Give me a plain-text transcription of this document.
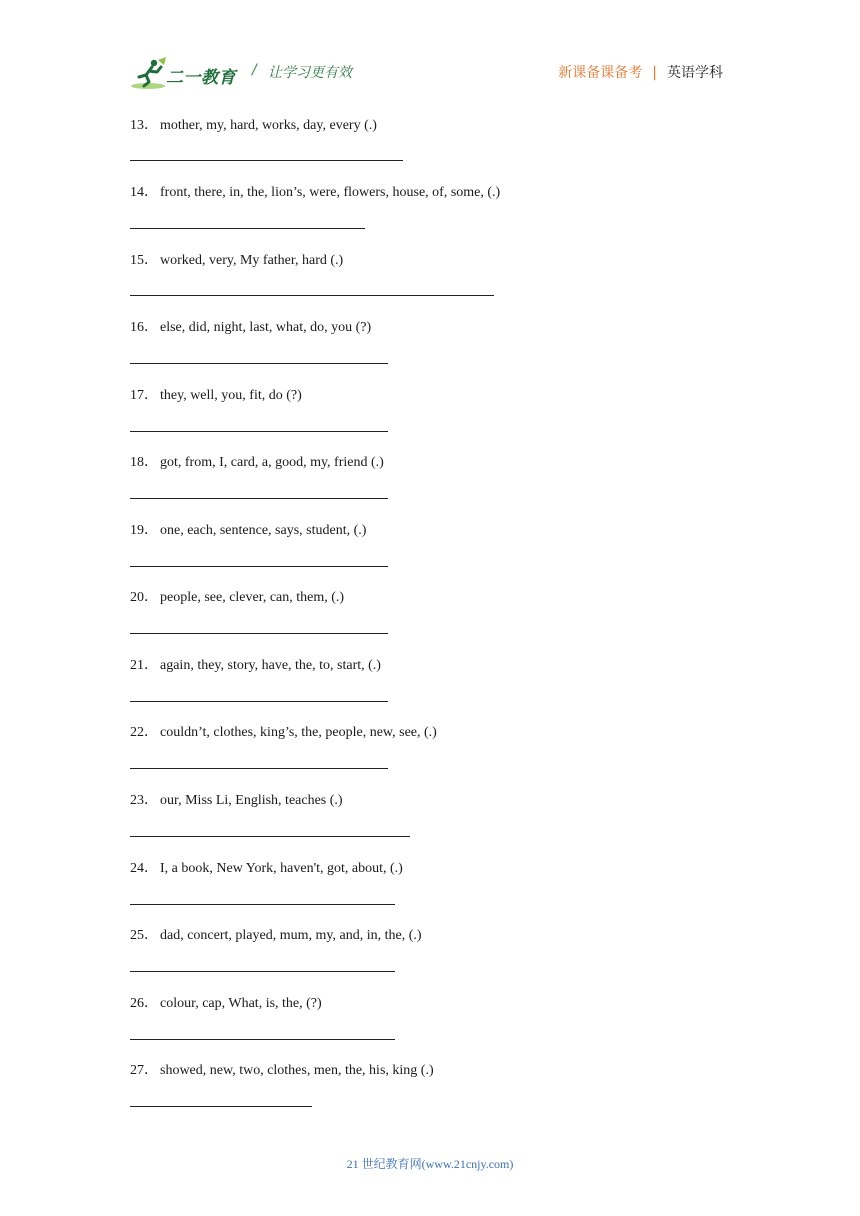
二一教育 / 让学习更有效	新课备课备考 | 英语学科
13． mother, my, hard, works, day, every (.)
14． front, there, in, the, lion’s, were, flowers, house, of, some, (.)
15． worked, very, My father, hard (.)
16． else, did, night, last, what, do, you (?)
17． they, well, you, fit, do (?)
18． got, from, I, card, a, good, my, friend (.)
19． one, each, sentence, says, student, (.)
20． people, see, clever, can, them, (.)
21． again, they, story, have, the, to, start, (.)
22． couldn’t, clothes, king’s, the, people, new, see, (.)
23． our, Miss Li, English, teaches (.)
24． I, a book, New York, haven't, got, about, (.)
25． dad, concert, played, mum, my, and, in, the, (.)
26． colour, cap, What, is, the, (?)
27． showed, new, two, clothes, men, the, his, king (.)
21 世纪教育网(www.21cnjy.com)
